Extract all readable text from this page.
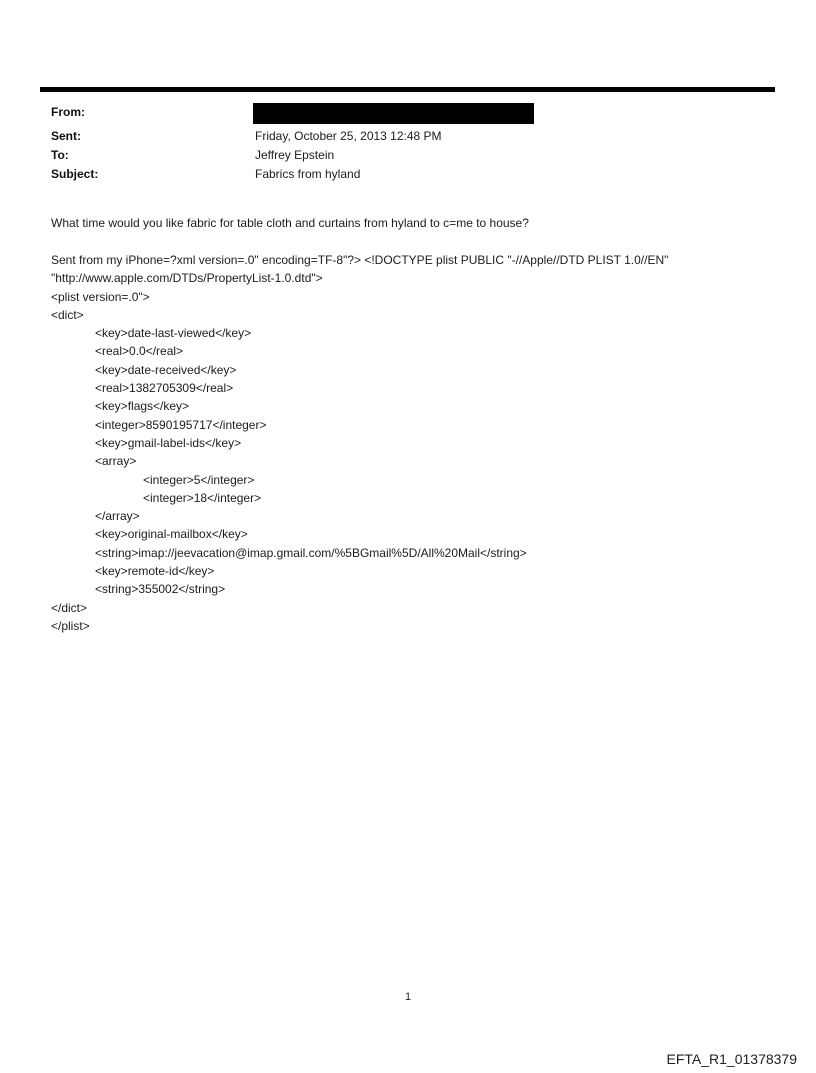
From:
Sent:	Friday, October 25, 2013 12:48 PM
To:	Jeffrey Epstein
Subject:	Fabrics from hyland
What time would you like fabric for table cloth and curtains from hyland to c=me to house?
Sent from my iPhone=?xml version=.0" encoding=TF-8"?> <!DOCTYPE plist PUBLIC "-//Apple//DTD PLIST 1.0//EN"
"http://www.apple.com/DTDs/PropertyList-1.0.dtd">
<plist version=.0">
<dict>
<key>date-last-viewed</key>
<real>0.0</real>
<key>date-received</key>
<real>1382705309</real>
<key>flags</key>
<integer>8590195717</integer>
<key>gmail-label-ids</key>
<array>
<integer>5</integer>
<integer>18</integer>
</array>
<key>original-mailbox</key>
<string>imap://jeevacation@imap.gmail.com/%5BGmail%5D/All%20Mail</string>
<key>remote-id</key>
<string>355002</string>
</dict>
</plist>
1
EFTA_R1_01378379
